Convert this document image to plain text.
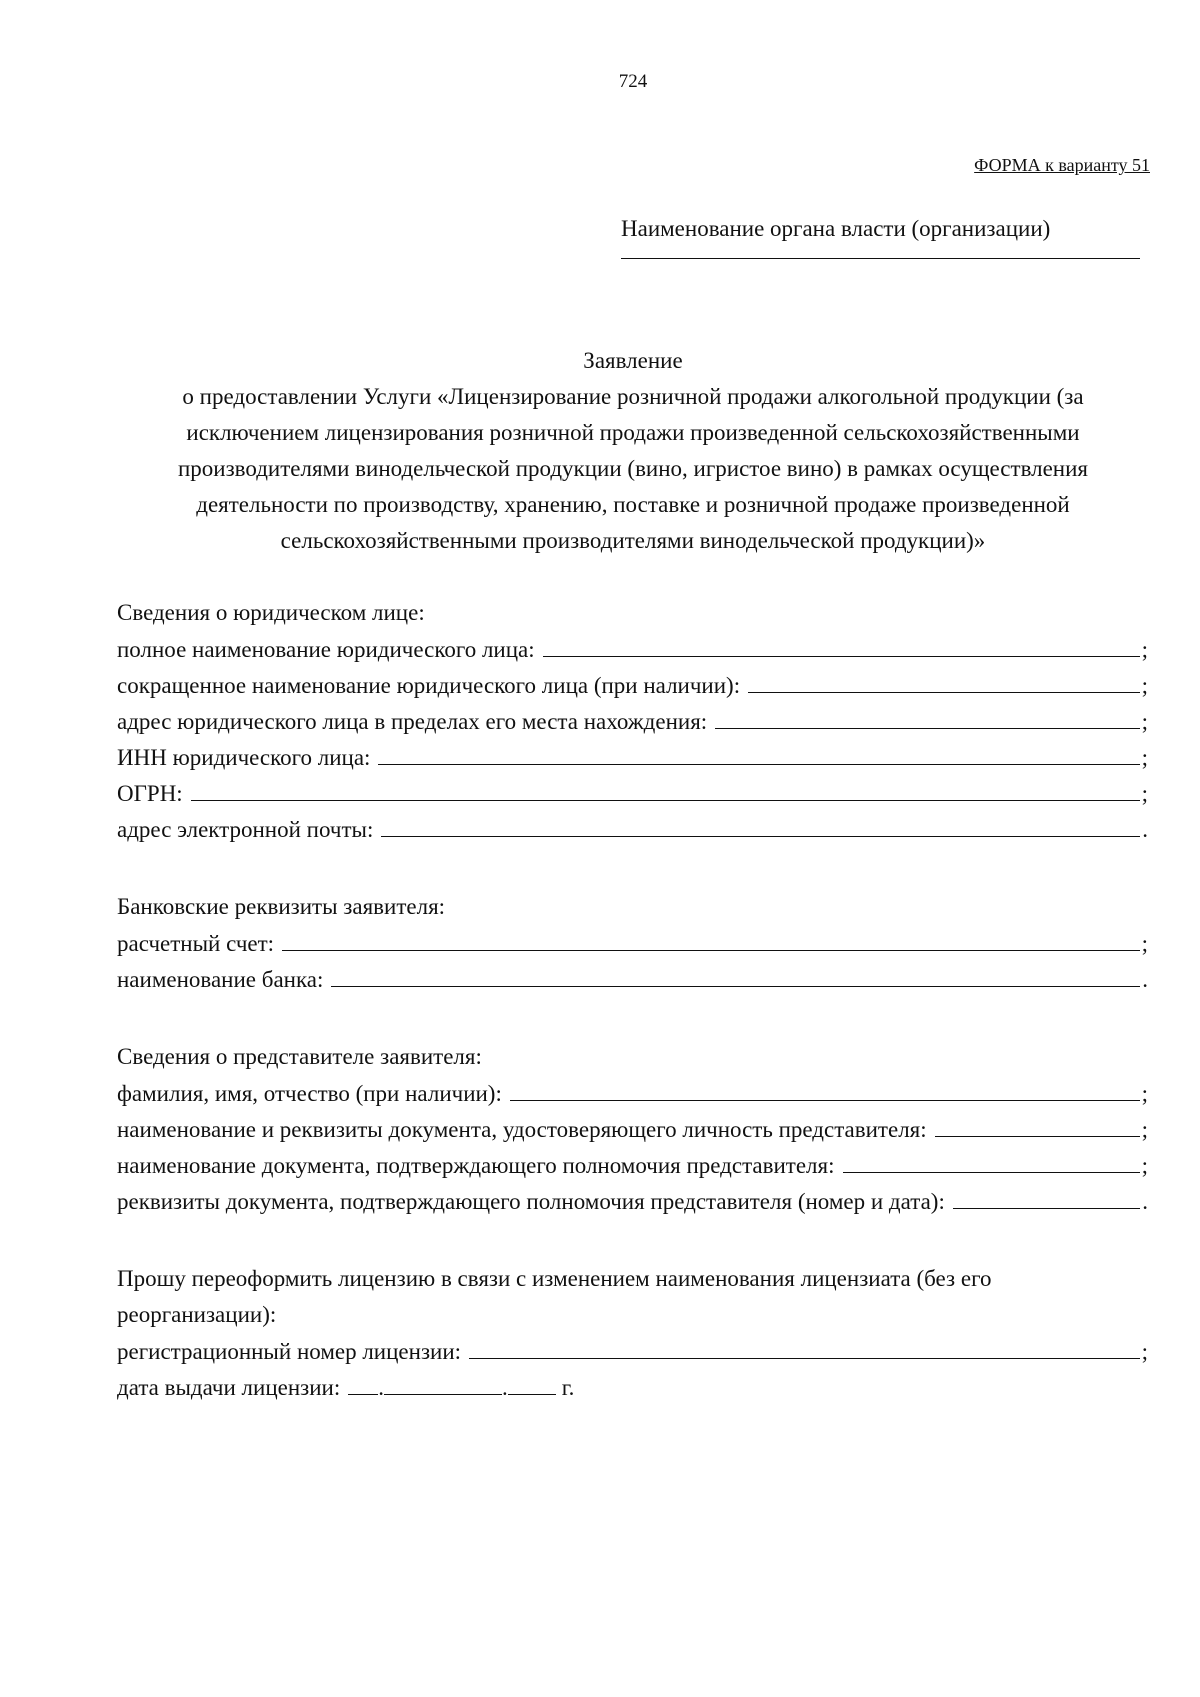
724
ФОРМА к варианту 51
Наименование органа власти (организации)
Заявление
о предоставлении Услуги «Лицензирование розничной продажи алкогольной продукции (за
исключением лицензирования розничной продажи произведенной сельскохозяйственными
производителями винодельческой продукции (вино, игристое вино) в рамках осуществления
деятельности по производству, хранению, поставке и розничной продаже произведенной
сельскохозяйственными производителями винодельческой продукции)»
Сведения о юридическом лице:
полное наименование юридического лица:	;
сокращенное наименование юридического лица (при наличии):	;
адрес юридического лица в пределах его места нахождения:	;
ИНН юридического лица:	;
ОГРН:	;
адрес электронной почты:	.
Банковские реквизиты заявителя:
расчетный счет:	;
наименование банка:	.
Сведения о представителе заявителя:
фамилия, имя, отчество (при наличии):	;
наименование и реквизиты документа, удостоверяющего личность представителя:	;
наименование документа, подтверждающего полномочия представителя:	;
реквизиты документа, подтверждающего полномочия представителя (номер и дата):	.
Прошу переоформить лицензию в связи с изменением наименования лицензиата (без его
реорганизации):
регистрационный номер лицензии:	;
дата выдачи лицензии: .	. г.
